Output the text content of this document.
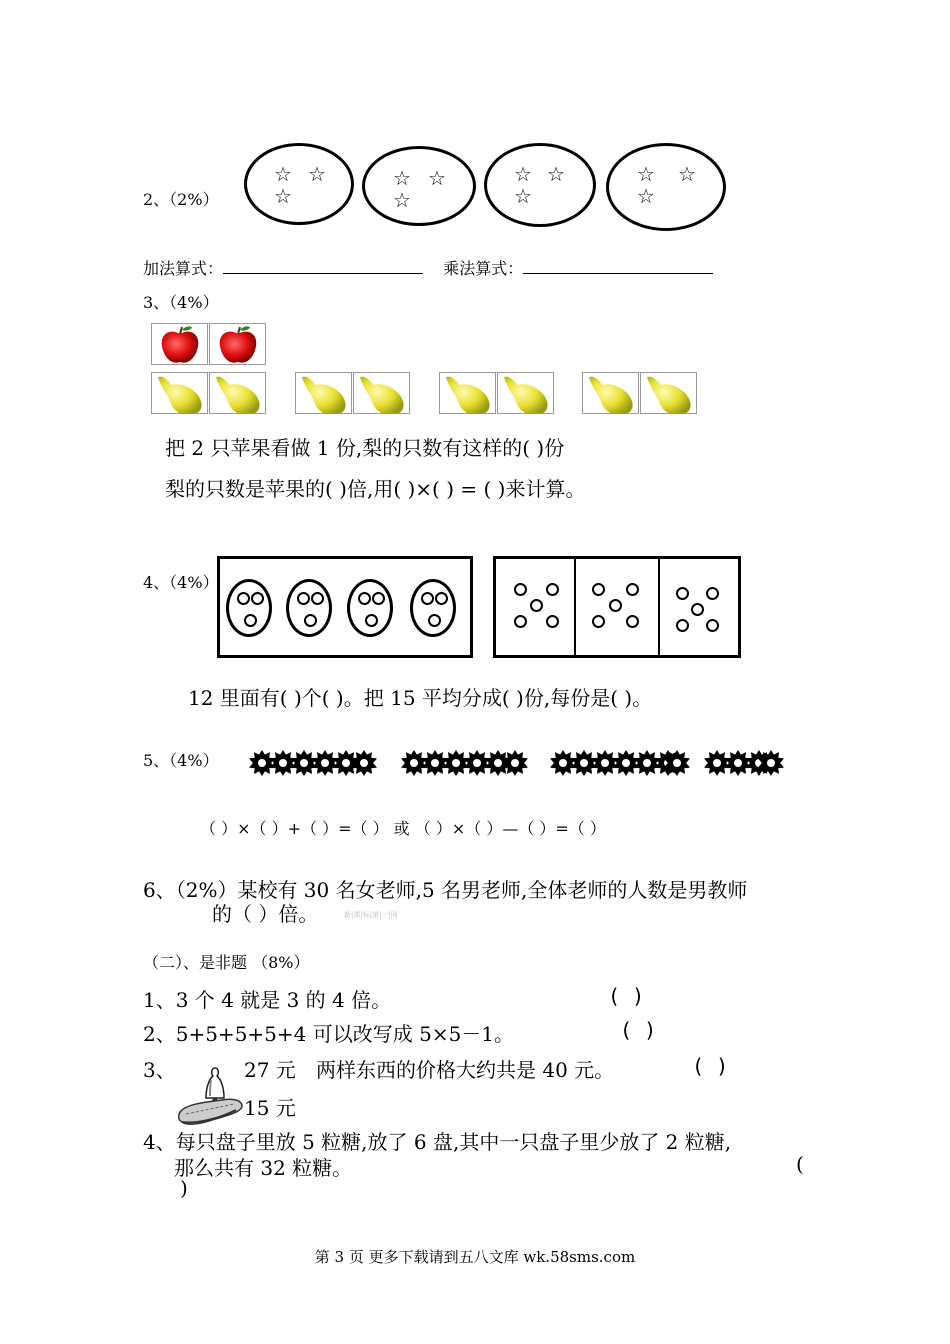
2、（2%）
☆ ☆
☆
☆ ☆
☆
☆ ☆
☆
☆ ☆
☆
加法算式：	乘法算式：
3、（4%）
把 2 只苹果看做 1 份,梨的只数有这样的( )份
梨的只数是苹果的( )倍,用( )×( ) = ( )来计算。
4、（4%）
12 里面有( )个( )。把 15 平均分成( )份,每份是( )。
5、（4%）
（ ）×（ ）+（ ）=（ ） 或 （ ）×（ ）—（ ）=（ ）
6、（2%）某校有 30 名女老师,5 名男老师,全体老师的人数是男教师
的（ ）倍。	新|课|标|第|一|网
（二）、是非题 （8%）
1、3 个 4 就是 3 的 4 倍。	( )
2、5+5+5+5+4 可以改写成 5×5－1。	( )
3、	27 元 两样东西的价格大约共是 40 元。	( )
15 元
4、每只盘子里放 5 粒糖,放了 6 盘,其中一只盘子里少放了 2 粒糖,
那么共有 32 粒糖。	(
)
第 3 页 更多下载请到五八文库 wk.58sms.com
